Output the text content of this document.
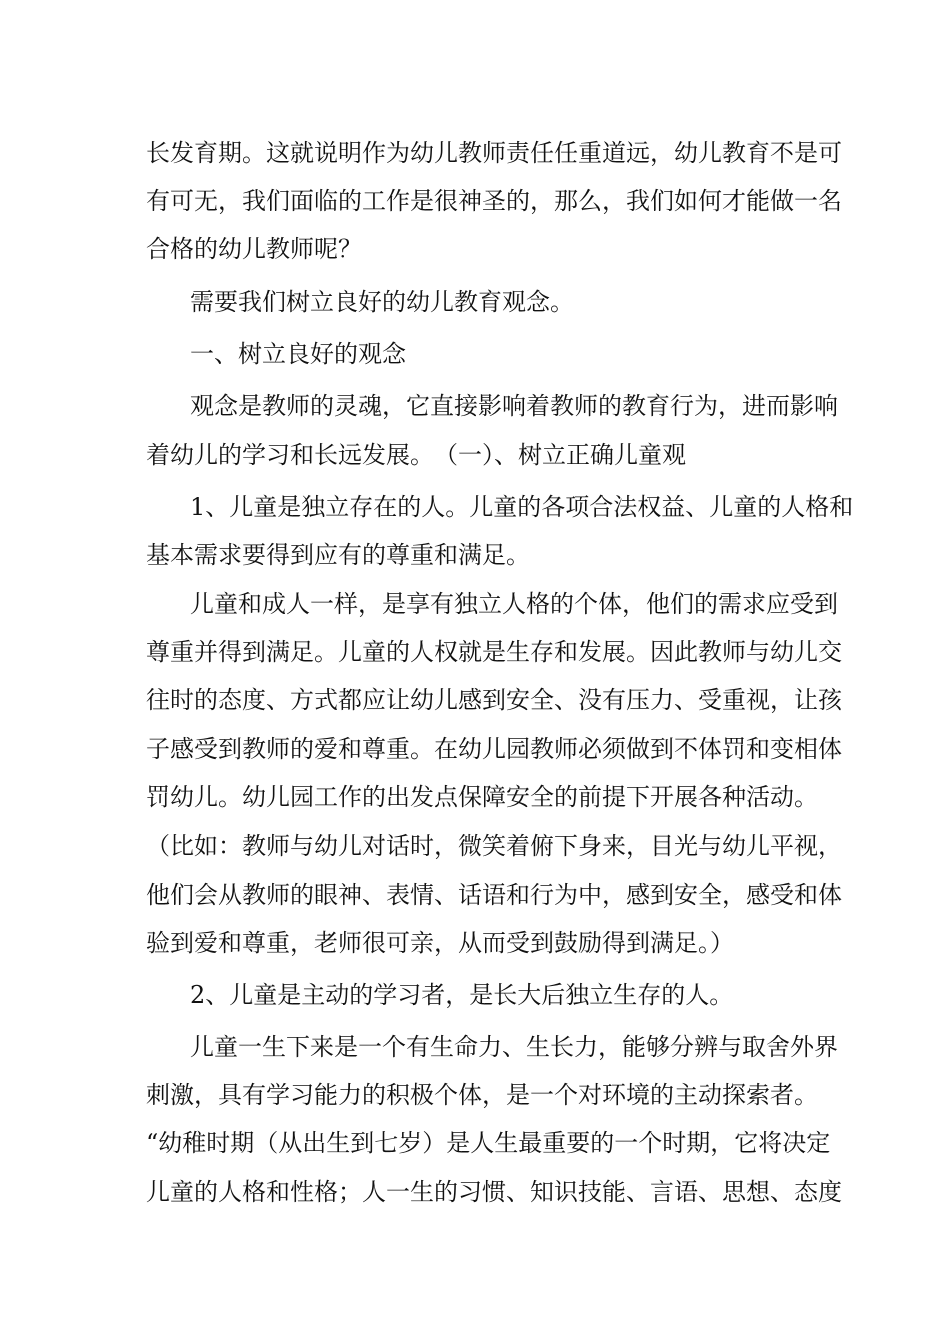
长发育期。这就说明作为幼儿教师责任任重道远，幼儿教育不是可
有可无，我们面临的工作是很神圣的，那么，我们如何才能做一名
合格的幼儿教师呢？
需要我们树立良好的幼儿教育观念。
一、树立良好的观念
观念是教师的灵魂，它直接影响着教师的教育行为，进而影响
着幼儿的学习和长远发展。　（一）、树立正确儿童观
1、儿童是独立存在的人。儿童的各项合法权益、儿童的人格和
基本需求要得到应有的尊重和满足。
儿童和成人一样，是享有独立人格的个体，他们的需求应受到
尊重并得到满足。儿童的人权就是生存和发展。因此教师与幼儿交
往时的态度、方式都应让幼儿感到安全、没有压力、受重视，让孩
子感受到教师的爱和尊重。在幼儿园教师必须做到不体罚和变相体
罚幼儿。幼儿园工作的出发点保障安全的前提下开展各种活动。
（比如：教师与幼儿对话时，微笑着俯下身来，目光与幼儿平视，
他们会从教师的眼神、表情、话语和行为中，感到安全，感受和体
验到爱和尊重，老师很可亲，从而受到鼓励得到满足。）
2、儿童是主动的学习者，是长大后独立生存的人。
儿童一生下来是一个有生命力、生长力，能够分辨与取舍外界
刺激，具有学习能力的积极个体，是一个对环境的主动探索者。
“幼稚时期（从出生到七岁）是人生最重要的一个时期，它将决定
儿童的人格和性格；人一生的习惯、知识技能、言语、思想、态度
